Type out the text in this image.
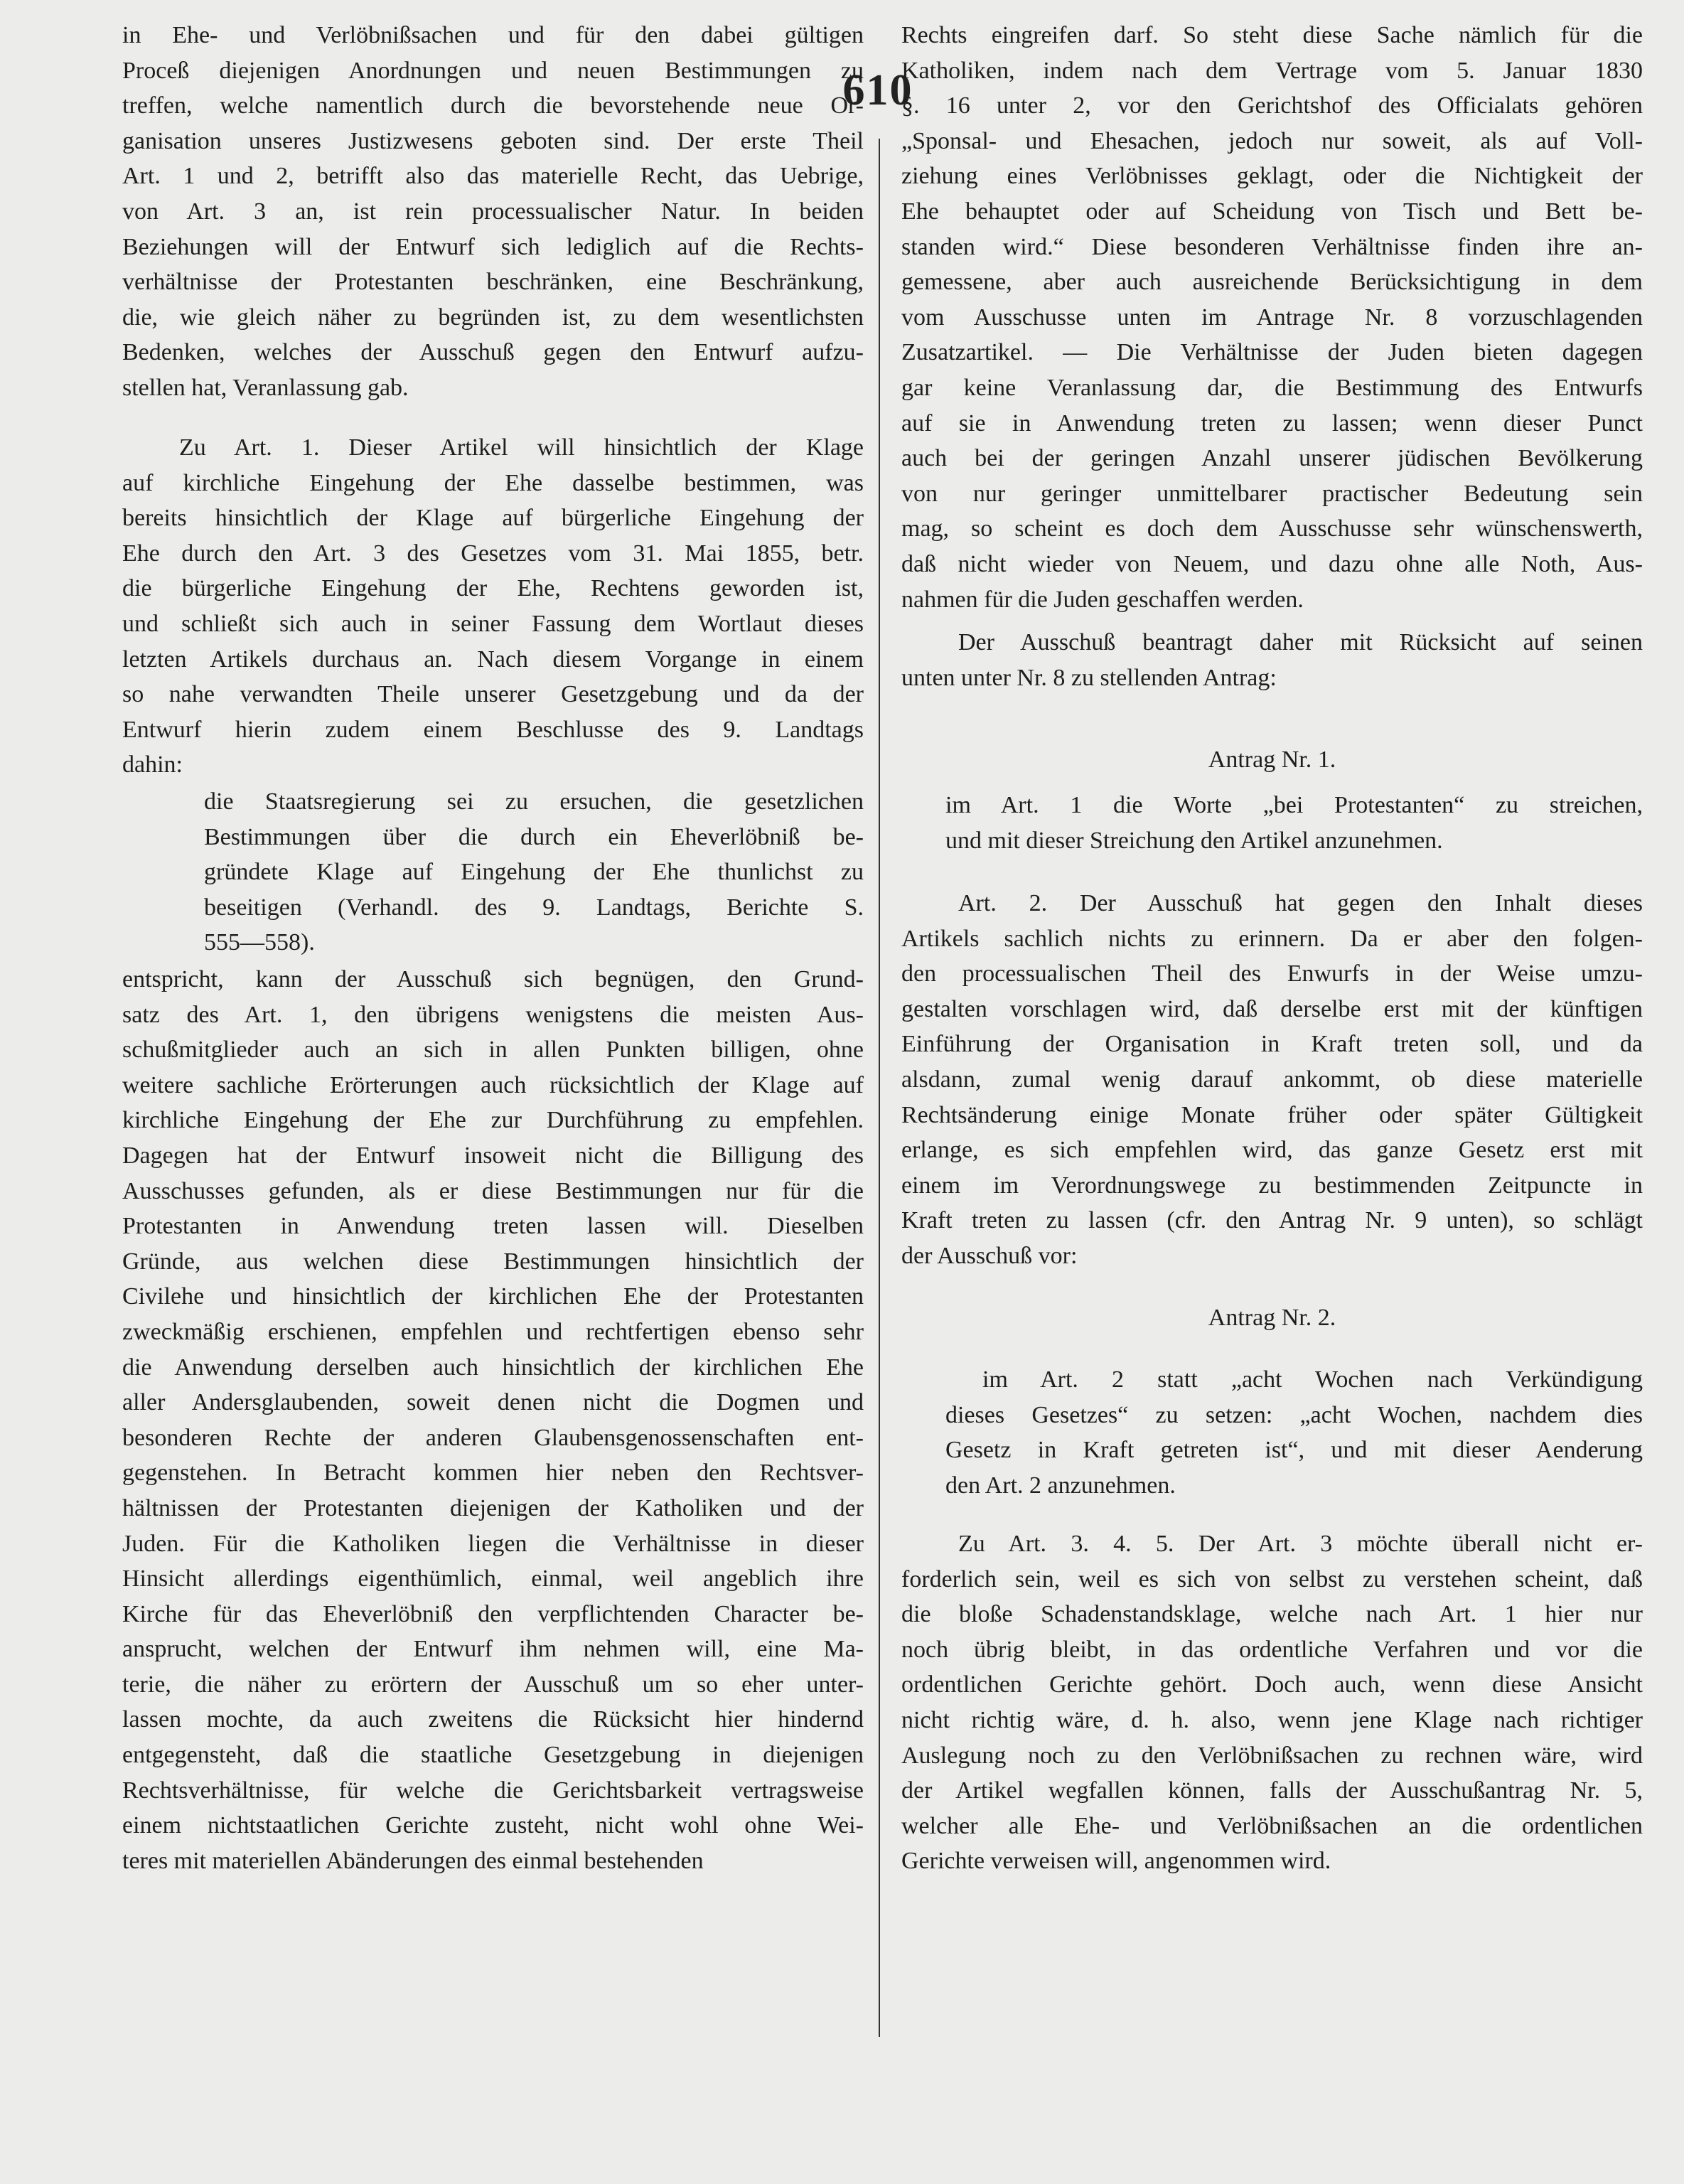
610
in Ehe- und Verlöbnißsachen und für den dabei gültigen
Proceß diejenigen Anordnungen und neuen Bestimmungen zu
treffen, welche namentlich durch die bevorstehende neue Or-
ganisation unseres Justizwesens geboten sind. Der erste Theil
Art. 1 und 2, betrifft also das materielle Recht, das Uebrige,
von Art. 3 an, ist rein processualischer Natur. In beiden
Beziehungen will der Entwurf sich lediglich auf die Rechts-
verhältnisse der Protestanten beschränken, eine Beschränkung,
die, wie gleich näher zu begründen ist, zu dem wesentlichsten
Bedenken, welches der Ausschuß gegen den Entwurf aufzu-
stellen hat, Veranlassung gab.
Zu Art. 1. Dieser Artikel will hinsichtlich der Klage
auf kirchliche Eingehung der Ehe dasselbe bestimmen, was
bereits hinsichtlich der Klage auf bürgerliche Eingehung der
Ehe durch den Art. 3 des Gesetzes vom 31. Mai 1855, betr.
die bürgerliche Eingehung der Ehe, Rechtens geworden ist,
und schließt sich auch in seiner Fassung dem Wortlaut dieses
letzten Artikels durchaus an. Nach diesem Vorgange in einem
so nahe verwandten Theile unserer Gesetzgebung und da der
Entwurf hierin zudem einem Beschlusse des 9. Landtags
dahin:
die Staatsregierung sei zu ersuchen, die gesetzlichen
Bestimmungen über die durch ein Eheverlöbniß be-
gründete Klage auf Eingehung der Ehe thunlichst zu
beseitigen (Verhandl. des 9. Landtags, Berichte S.
555—558).
entspricht, kann der Ausschuß sich begnügen, den Grund-
satz des Art. 1, den übrigens wenigstens die meisten Aus-
schußmitglieder auch an sich in allen Punkten billigen, ohne
weitere sachliche Erörterungen auch rücksichtlich der Klage auf
kirchliche Eingehung der Ehe zur Durchführung zu empfehlen.
Dagegen hat der Entwurf insoweit nicht die Billigung des
Ausschusses gefunden, als er diese Bestimmungen nur für die
Protestanten in Anwendung treten lassen will. Dieselben
Gründe, aus welchen diese Bestimmungen hinsichtlich der
Civilehe und hinsichtlich der kirchlichen Ehe der Protestanten
zweckmäßig erschienen, empfehlen und rechtfertigen ebenso sehr
die Anwendung derselben auch hinsichtlich der kirchlichen Ehe
aller Andersglaubenden, soweit denen nicht die Dogmen und
besonderen Rechte der anderen Glaubensgenossenschaften ent-
gegenstehen. In Betracht kommen hier neben den Rechtsver-
hältnissen der Protestanten diejenigen der Katholiken und der
Juden. Für die Katholiken liegen die Verhältnisse in dieser
Hinsicht allerdings eigenthümlich, einmal, weil angeblich ihre
Kirche für das Eheverlöbniß den verpflichtenden Character be-
ansprucht, welchen der Entwurf ihm nehmen will, eine Ma-
terie, die näher zu erörtern der Ausschuß um so eher unter-
lassen mochte, da auch zweitens die Rücksicht hier hindernd
entgegensteht, daß die staatliche Gesetzgebung in diejenigen
Rechtsverhältnisse, für welche die Gerichtsbarkeit vertragsweise
einem nichtstaatlichen Gerichte zusteht, nicht wohl ohne Wei-
teres mit materiellen Abänderungen des einmal bestehenden
Rechts eingreifen darf. So steht diese Sache nämlich für die
Katholiken, indem nach dem Vertrage vom 5. Januar 1830
§. 16 unter 2, vor den Gerichtshof des Officialats gehören
„Sponsal- und Ehesachen, jedoch nur soweit, als auf Voll-
ziehung eines Verlöbnisses geklagt, oder die Nichtigkeit der
Ehe behauptet oder auf Scheidung von Tisch und Bett be-
standen wird.“ Diese besonderen Verhältnisse finden ihre an-
gemessene, aber auch ausreichende Berücksichtigung in dem
vom Ausschusse unten im Antrage Nr. 8 vorzuschlagenden
Zusatzartikel. — Die Verhältnisse der Juden bieten dagegen
gar keine Veranlassung dar, die Bestimmung des Entwurfs
auf sie in Anwendung treten zu lassen; wenn dieser Punct
auch bei der geringen Anzahl unserer jüdischen Bevölkerung
von nur geringer unmittelbarer practischer Bedeutung sein
mag, so scheint es doch dem Ausschusse sehr wünschenswerth,
daß nicht wieder von Neuem, und dazu ohne alle Noth, Aus-
nahmen für die Juden geschaffen werden.
Der Ausschuß beantragt daher mit Rücksicht auf seinen
unten unter Nr. 8 zu stellenden Antrag:
Antrag Nr. 1.
im Art. 1 die Worte „bei Protestanten“ zu streichen,
und mit dieser Streichung den Artikel anzunehmen.
Art. 2. Der Ausschuß hat gegen den Inhalt dieses
Artikels sachlich nichts zu erinnern. Da er aber den folgen-
den processualischen Theil des Enwurfs in der Weise umzu-
gestalten vorschlagen wird, daß derselbe erst mit der künftigen
Einführung der Organisation in Kraft treten soll, und da
alsdann, zumal wenig darauf ankommt, ob diese materielle
Rechtsänderung einige Monate früher oder später Gültigkeit
erlange, es sich empfehlen wird, das ganze Gesetz erst mit
einem im Verordnungswege zu bestimmenden Zeitpuncte in
Kraft treten zu lassen (cfr. den Antrag Nr. 9 unten), so schlägt
der Ausschuß vor:
Antrag Nr. 2.
im Art. 2 statt „acht Wochen nach Verkündigung
dieses Gesetzes“ zu setzen: „acht Wochen, nachdem dies
Gesetz in Kraft getreten ist“, und mit dieser Aenderung
den Art. 2 anzunehmen.
Zu Art. 3. 4. 5. Der Art. 3 möchte überall nicht er-
forderlich sein, weil es sich von selbst zu verstehen scheint, daß
die bloße Schadenstandsklage, welche nach Art. 1 hier nur
noch übrig bleibt, in das ordentliche Verfahren und vor die
ordentlichen Gerichte gehört. Doch auch, wenn diese Ansicht
nicht richtig wäre, d. h. also, wenn jene Klage nach richtiger
Auslegung noch zu den Verlöbnißsachen zu rechnen wäre, wird
der Artikel wegfallen können, falls der Ausschußantrag Nr. 5,
welcher alle Ehe- und Verlöbnißsachen an die ordentlichen
Gerichte verweisen will, angenommen wird.
